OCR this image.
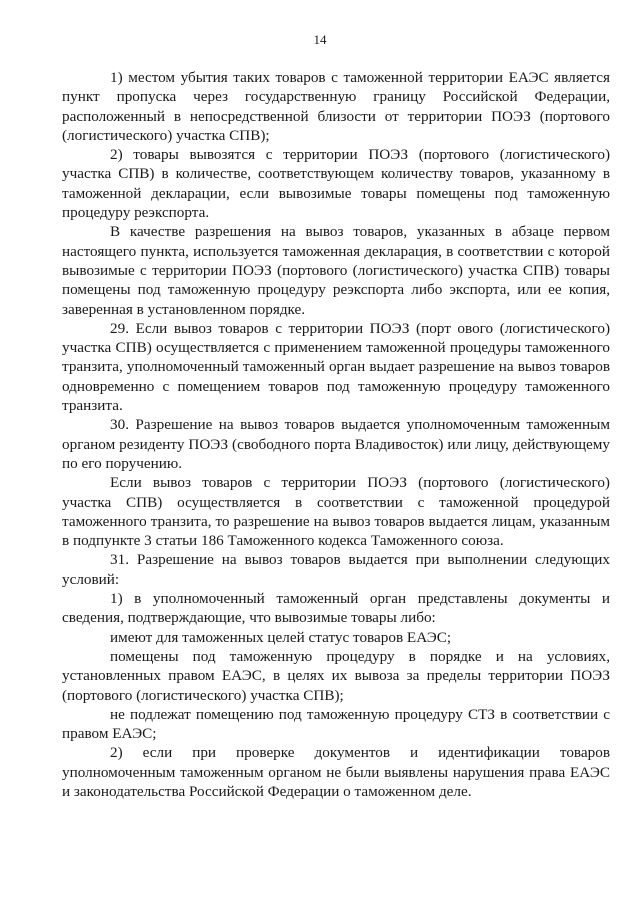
14

1) местом убытия таких товаров с таможенной территории ЕАЭС является пункт пропуска через государственную границу Российской Федерации, расположенный в непосредственной близости от территории ПОЭЗ (портового (логистического) участка СПВ);

2) товары вывозятся с территории ПОЭЗ (портового (логистического) участка СПВ) в количестве, соответствующем количеству товаров, указанному в таможенной декларации, если вывозимые товары помещены под таможенную процедуру реэкспорта.

В качестве разрешения на вывоз товаров, указанных в абзаце первом настоящего пункта, используется таможенная декларация, в соответствии с которой вывозимые с территории ПОЭЗ (портового (логистического) участка СПВ) товары помещены под таможенную процедуру реэкспорта либо экспорта, или ее копия, заверенная в установленном порядке.

29. Если вывоз товаров с территории ПОЭЗ (порт ового (логистического) участка СПВ) осуществляется с применением таможенной процедуры таможенного транзита, уполномоченный таможенный орган выдает разрешение на вывоз товаров одновременно с помещением товаров под таможенную процедуру таможенного транзита.

30. Разрешение на вывоз товаров выдается уполномоченным таможенным органом резиденту ПОЭЗ (свободного порта Владивосток) или лицу, действующему по его поручению.

Если вывоз товаров с территории ПОЭЗ (портового (логистического) участка СПВ) осуществляется в соответствии с таможенной процедурой таможенного транзита, то разрешение на вывоз товаров выдается лицам, указанным в подпункте 3 статьи 186 Таможенного кодекса Таможенного союза.

31. Разрешение на вывоз товаров выдается при выполнении следующих условий:

1) в уполномоченный таможенный орган представлены документы и сведения, подтверждающие, что вывозимые товары либо:

имеют для таможенных целей статус товаров ЕАЭС;

помещены под таможенную процедуру в порядке и на условиях, установленных правом ЕАЭС, в целях их вывоза за пределы территории ПОЭЗ (портового (логистического) участка СПВ);

не подлежат помещению под таможенную процедуру СТЗ в соответствии с правом ЕАЭС;

2) если при проверке документов и идентификации товаров уполномоченным таможенным органом не были выявлены нарушения права ЕАЭС и законодательства Российской Федерации о таможенном деле.
